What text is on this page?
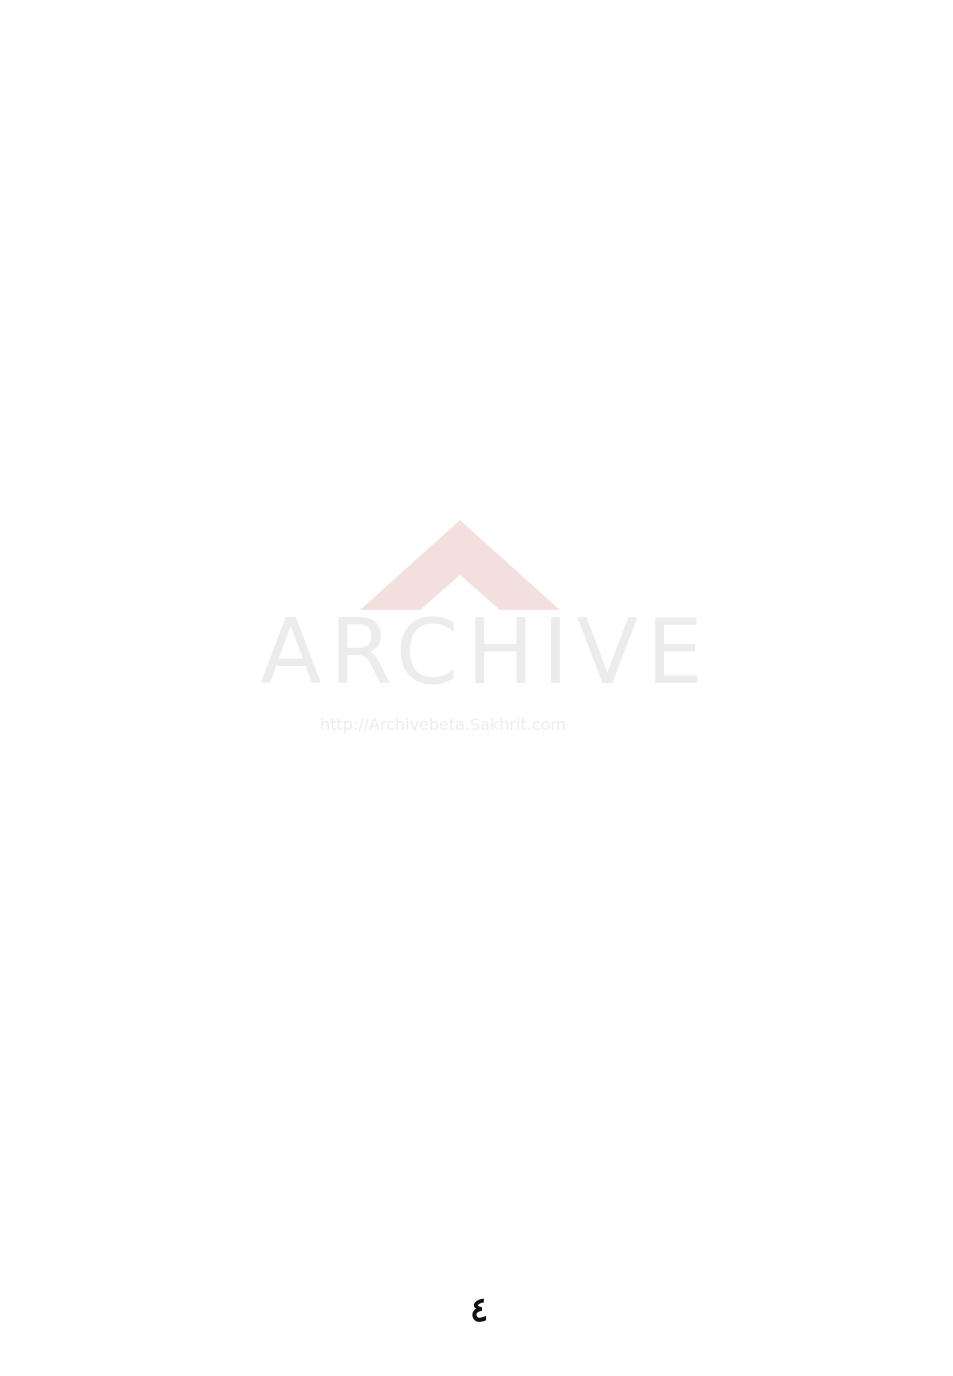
ARCHIVE
http://Archivebeta.Sakhrit.com

٤
